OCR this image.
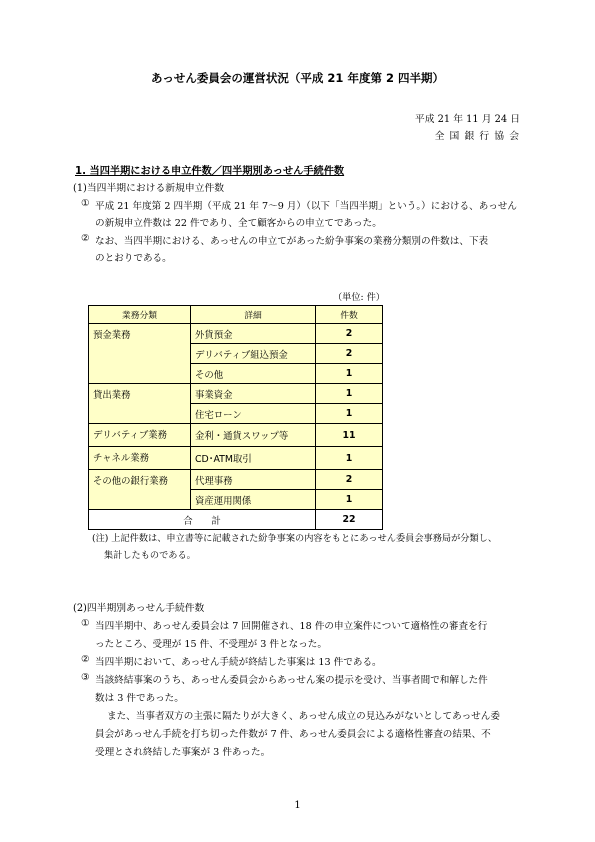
あっせん委員会の運営状況（平成 21 年度第 2 四半期）
平成 21 年 11 月 24 日
全 国 銀 行 協 会
1. 当四半期における申立件数／四半期別あっせん手続件数
(1)当四半期における新規申立件数
① 平成 21 年度第 2 四半期（平成 21 年 7～9 月）（以下「当四半期」という。）における、あっせん
の新規申立件数は 22 件であり、全て顧客からの申立てであった。
② なお、当四半期における、あっせんの申立てがあった紛争事案の業務分類別の件数は、下表
のとおりである。
（単位: 件）
業務分類	詳細	件数
預金業務	外貨預金	2
	デリバティブ組込預金	2
	その他	1
貸出業務	事業資金	1
	住宅ローン	1
デリバティブ業務	金利・通貨スワップ等	11
チャネル業務	CD･ATM取引	1
その他の銀行業務	代理事務	2
	資産運用関係	1
合　　計		22
(注) 上記件数は、申立書等に記載された紛争事案の内容をもとにあっせん委員会事務局が分類し、
集計したものである。
(2)四半期別あっせん手続件数
① 当四半期中、あっせん委員会は 7 回開催され、18 件の申立案件について適格性の審査を行
ったところ、受理が 15 件、不受理が 3 件となった。
② 当四半期において、あっせん手続が終結した事案は 13 件である。
③ 当該終結事案のうち、あっせん委員会からあっせん案の提示を受け、当事者間で和解した件
数は 3 件であった。
また、当事者双方の主張に隔たりが大きく、あっせん成立の見込みがないとしてあっせん委
員会があっせん手続を打ち切った件数が 7 件、あっせん委員会による適格性審査の結果、不
受理とされ終結した事案が 3 件あった。
1
